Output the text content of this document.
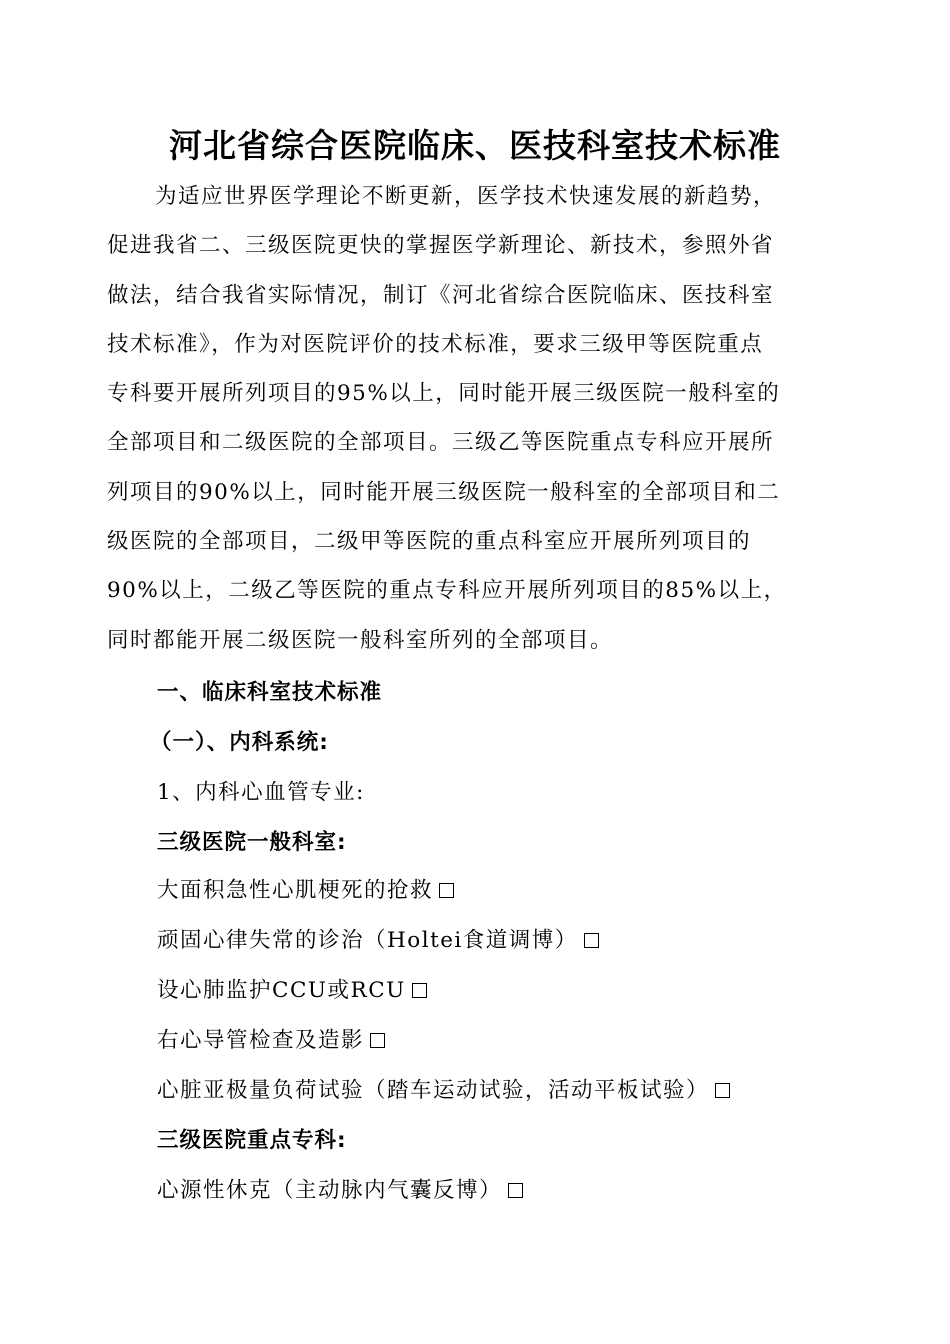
河北省综合医院临床、医技科室技术标准
为适应世界医学理论不断更新，医学技术快速发展的新趋势，
促进我省二、三级医院更快的掌握医学新理论、新技术，参照外省
做法，结合我省实际情况，制订《河北省综合医院临床、医技科室
技术标准》，作为对医院评价的技术标准，要求三级甲等医院重点
专科要开展所列项目的95%以上，同时能开展三级医院一般科室的
全部项目和二级医院的全部项目。三级乙等医院重点专科应开展所
列项目的90%以上，同时能开展三级医院一般科室的全部项目和二
级医院的全部项目，二级甲等医院的重点科室应开展所列项目的
90%以上，二级乙等医院的重点专科应开展所列项目的85%以上，
同时都能开展二级医院一般科室所列的全部项目。
一、临床科室技术标准
（一）、内科系统:
1、内科心血管专业:
三级医院一般科室:
大面积急性心肌梗死的抢救
顽固心律失常的诊治（Holtei食道调博）
设心肺监护CCU或RCU
右心导管检查及造影
心脏亚极量负荷试验（踏车运动试验，活动平板试验）
三级医院重点专科:
心源性休克（主动脉内气囊反博）
